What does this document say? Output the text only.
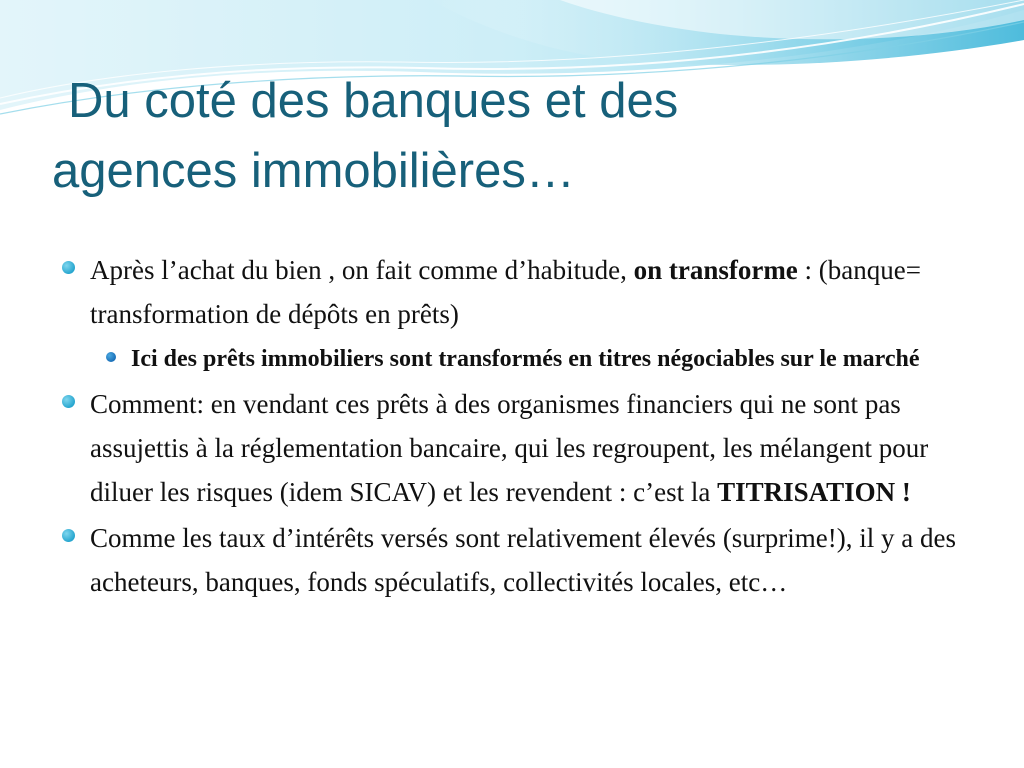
Du coté des banques et des
agences immobilières…
Après l’achat du bien , on fait comme d’habitude, on transforme : (banque= transformation de dépôts en prêts)
Ici des prêts immobiliers sont transformés en titres négociables sur le marché
Comment: en vendant ces prêts à des organismes financiers qui ne sont pas assujettis à la réglementation bancaire, qui les regroupent, les mélangent pour diluer les risques (idem SICAV) et les revendent : c’est la TITRISATION !
Comme les taux d’intérêts versés sont relativement élevés (surprime!), il y a des acheteurs, banques, fonds spéculatifs, collectivités locales, etc…
